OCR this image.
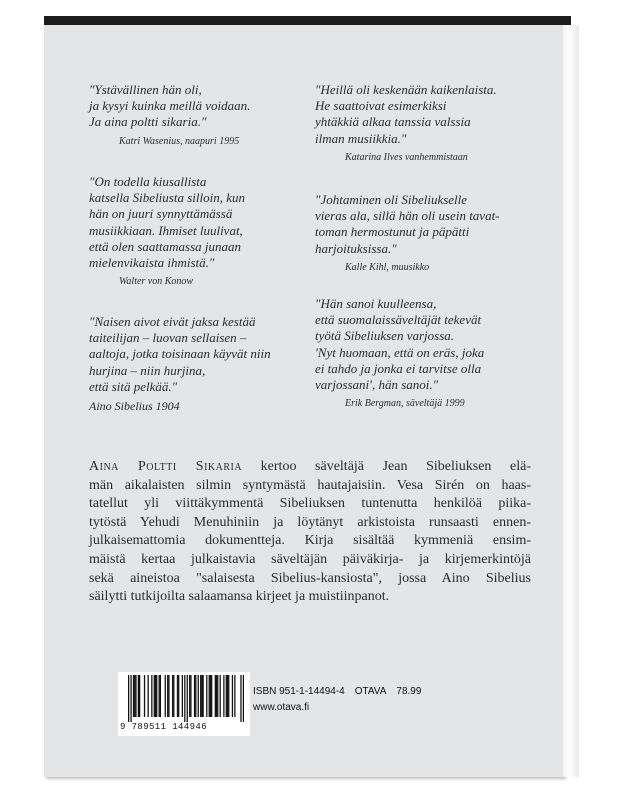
"Ystävällinen hän oli,
ja kysyi kuinka meillä voidaan.
Ja aina poltti sikaria."
Katri Wasenius, naapuri 1995
"On todella kiusallista
katsella Sibeliusta silloin, kun
hän on juuri synnyttämässä
musiikkiaan. Ihmiset luulivat,
että olen saattamassa junaan
mielenvikaista ihmistä."
Walter von Konow
"Naisen aivot eivät jaksa kestää
taiteilijan – luovan sellaisen –
aaltoja, jotka toisinaan käyvät niin
hurjina – niin hurjina,
että sitä pelkää."
Aino Sibelius 1904
"Heillä oli keskenään kaikenlaista.
He saattoivat esimerkiksi
yhtäkkiä alkaa tanssia valssia
ilman musiikkia."
Katarina Ilves vanhemmistaan
"Johtaminen oli Sibeliukselle
vieras ala, sillä hän oli usein tavat-
toman hermostunut ja päpätti
harjoituksissa."
Kalle Kihl, muusikko
"Hän sanoi kuulleensa,
että suomalaissäveltäjät tekevät
työtä Sibeliuksen varjossa.
'Nyt huomaan, että on eräs, joka
ei tahdo ja jonka ei tarvitse olla
varjossani', hän sanoi."
Erik Bergman, säveltäjä 1999
Aina Poltti Sikaria kertoo säveltäjä Jean Sibeliuksen elä-
män aikalaisten silmin syntymästä hautajaisiin. Vesa Sirén on haas-
tatellut yli viittäkymmentä Sibeliuksen tuntenutta henkilöä piika-
tytöstä Yehudi Menuhiniin ja löytänyt arkistoista runsaasti ennen-
julkaisemattomia dokumentteja. Kirja sisältää kymmeniä ensim-
mäistä kertaa julkaistavia säveltäjän päiväkirja- ja kirjemerkintöjä
sekä aineistoa "salaisesta Sibelius-kansiosta", jossa Aino Sibelius
säilytti tutkijoilta salaamansa kirjeet ja muistiinpanot.
9 789511 144946
ISBN 951-1-14494-4 OTAVA 78.99
www.otava.fi
